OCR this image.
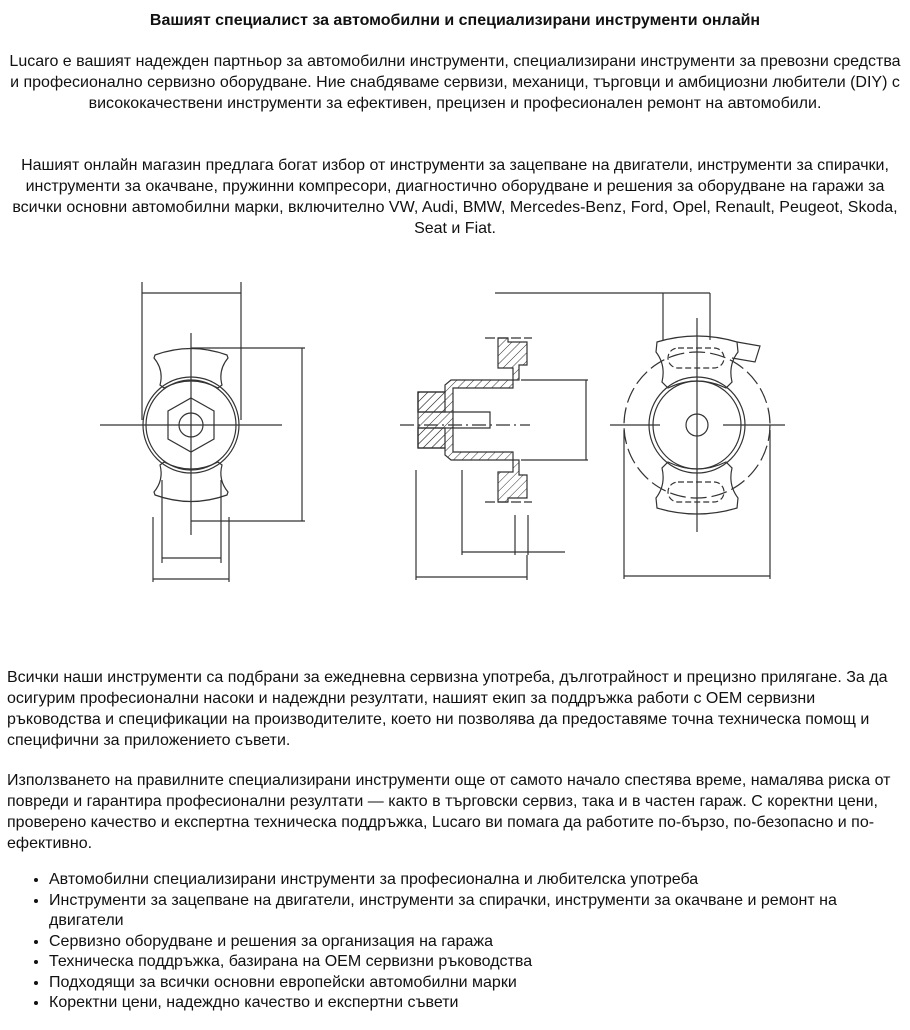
Вашият специалист за автомобилни и специализирани инструменти онлайн

Lucaro е вашият надежден партньор за автомобилни инструменти, специализирани инструменти за превозни средства и професионално сервизно оборудване. Ние снабдяваме сервизи, механици, търговци и амбициозни любители (DIY) с висококачествени инструменти за ефективен, прецизен и професионален ремонт на автомобили.

Нашият онлайн магазин предлага богат избор от инструменти за зацепване на двигатели, инструменти за спирачки, инструменти за окачване, пружинни компресори, диагностично оборудване и решения за оборудване на гаражи за всички основни автомобилни марки, включително VW, Audi, BMW, Mercedes-Benz, Ford, Opel, Renault, Peugeot, Skoda, Seat и Fiat.

Всички наши инструменти са подбрани за ежедневна сервизна употреба, дълготрайност и прецизно прилягане. За да осигурим професионални насоки и надеждни резултати, нашият екип за поддръжка работи с OEM сервизни ръководства и спецификации на производителите, което ни позволява да предоставяме точна техническа помощ и специфични за приложението съвети.

Използването на правилните специализирани инструменти още от самото начало спестява време, намалява риска от повреди и гарантира професионални резултати — както в търговски сервиз, така и в частен гараж. С коректни цени, проверено качество и експертна техническа поддръжка, Lucaro ви помага да работите по-бързо, по-безопасно и по-ефективно.

• Автомобилни специализирани инструменти за професионална и любителска употреба
• Инструменти за зацепване на двигатели, инструменти за спирачки, инструменти за окачване и ремонт на двигатели
• Сервизно оборудване и решения за организация на гаража
• Техническа поддръжка, базирана на OEM сервизни ръководства
• Подходящи за всички основни европейски автомобилни марки
• Коректни цени, надеждно качество и експертни съвети
